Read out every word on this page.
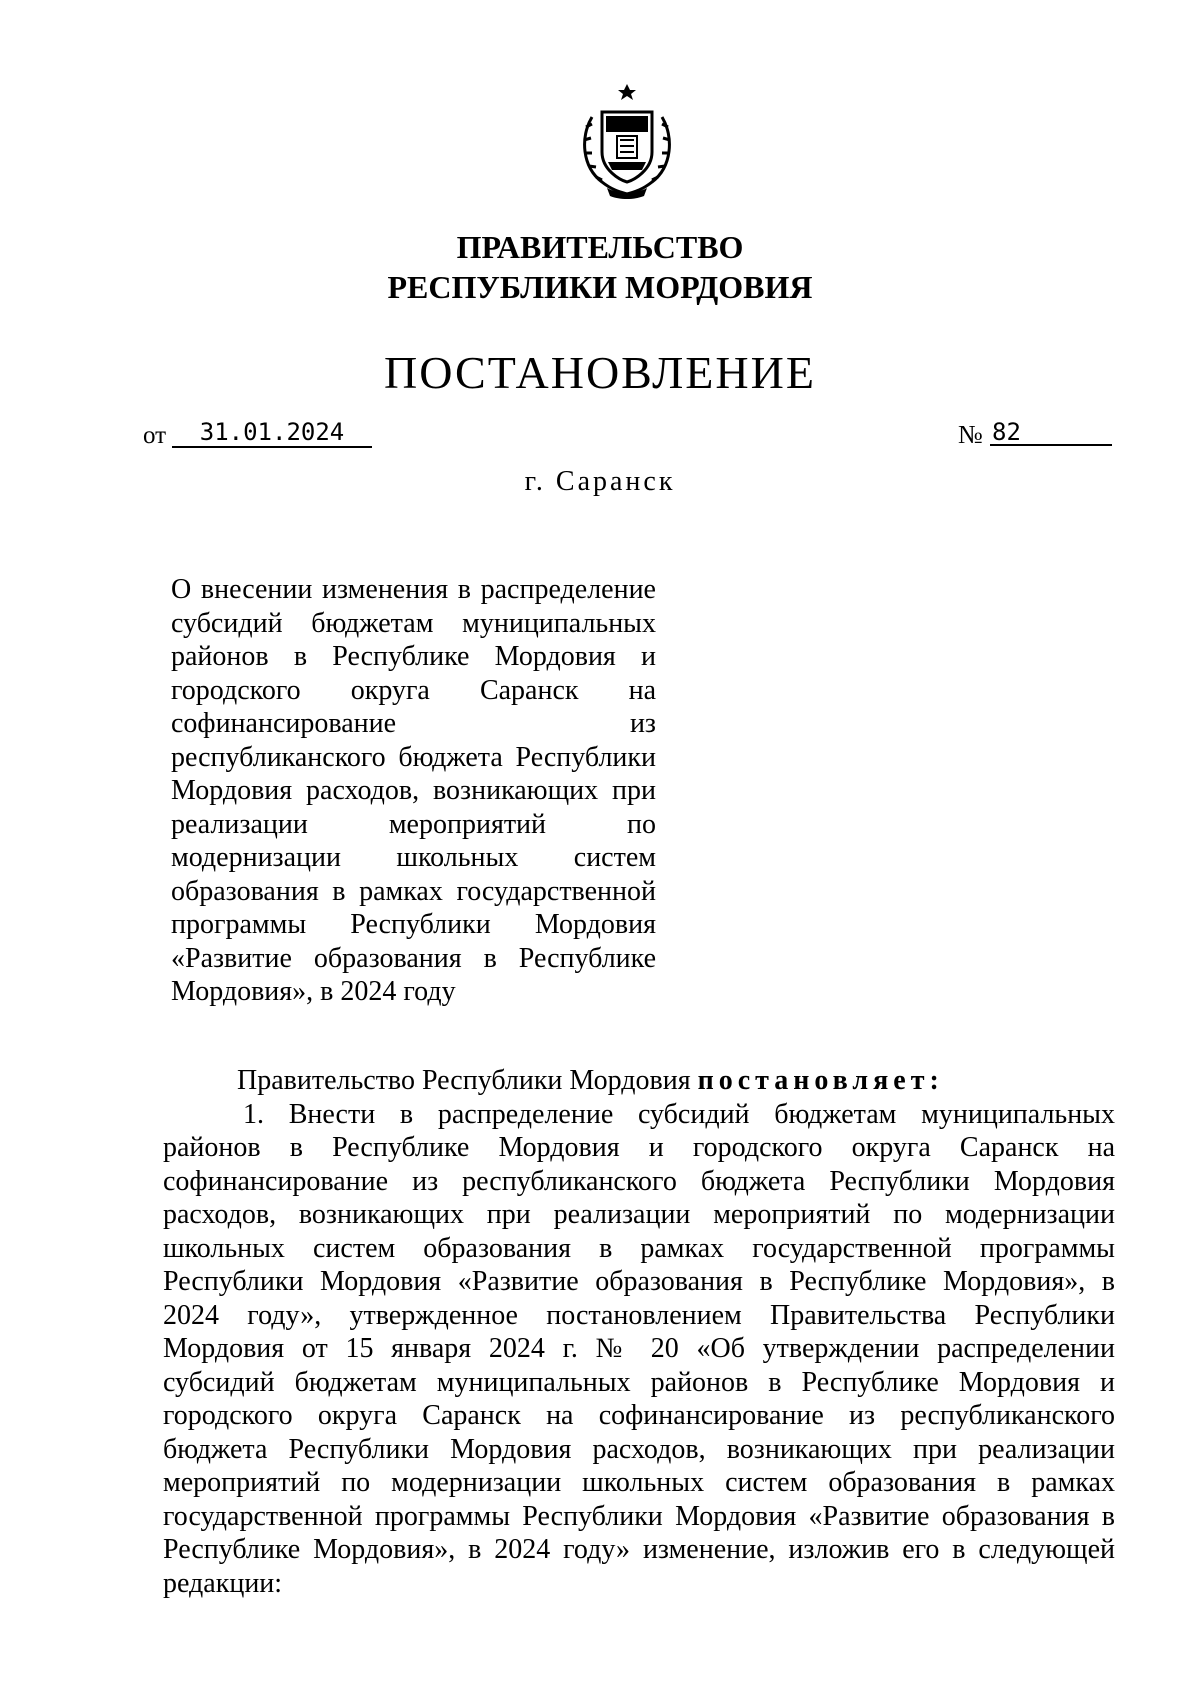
ПРАВИТЕЛЬСТВО
РЕСПУБЛИКИ МОРДОВИЯ
ПОСТАНОВЛЕНИЕ
от	31.01.2024	№ 82
г. Саранск
О внесении изменения в распределение
субсидий бюджетам муниципальных
районов в Республике Мордовия и
городского округа Саранск на
софинансирование из
республиканского бюджета Республики
Мордовия расходов, возникающих при
реализации мероприятий по
модернизации школьных систем
образования в рамках государственной
программы Республики Мордовия
«Развитие образования в Республике
Мордовия», в 2024 году
Правительство Республики Мордовия постановляет:
1. Внести в распределение субсидий бюджетам муниципальных
районов в Республике Мордовия и городского округа Саранск на
софинансирование из республиканского бюджета Республики Мордовия
расходов, возникающих при реализации мероприятий по модернизации
школьных систем образования в рамках государственной программы
Республики Мордовия «Развитие образования в Республике Мордовия», в
2024 году», утвержденное постановлением Правительства Республики
Мордовия от 15 января 2024 г. № 20 «Об утверждении распределении
субсидий бюджетам муниципальных районов в Республике Мордовия и
городского округа Саранск на софинансирование из республиканского
бюджета Республики Мордовия расходов, возникающих при реализации
мероприятий по модернизации школьных систем образования в рамках
государственной программы Республики Мордовия «Развитие образования в
Республике Мордовия», в 2024 году» изменение, изложив его в следующей
редакции:
